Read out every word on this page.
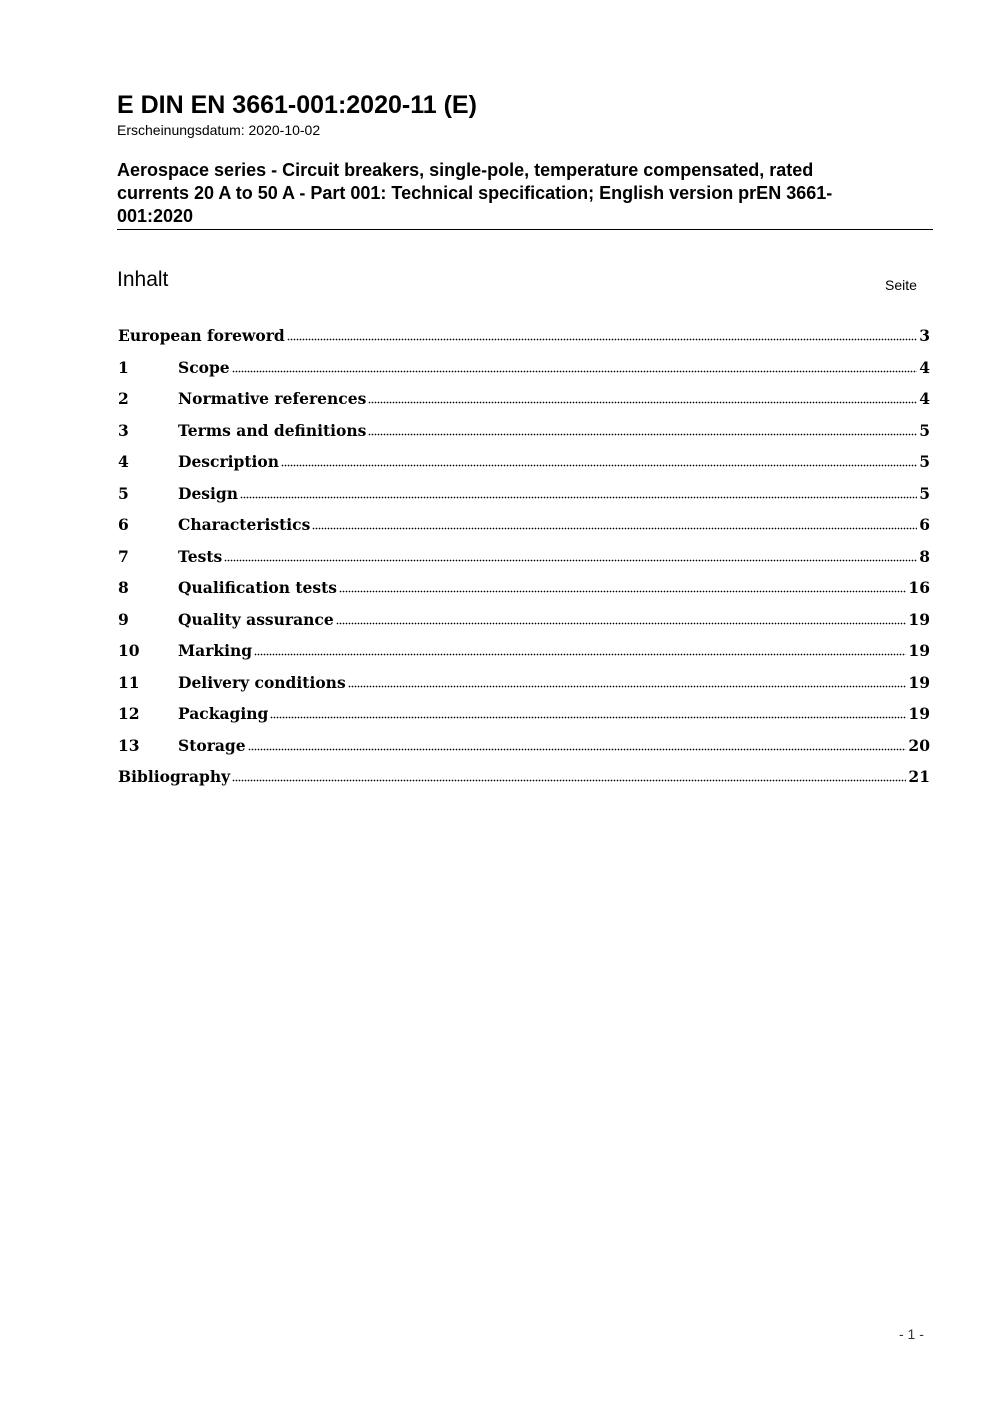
E DIN EN 3661-001:2020-11 (E)
Erscheinungsdatum: 2020-10-02
Aerospace series - Circuit breakers, single-pole, temperature compensated, rated
currents 20 A to 50 A - Part 001: Technical specification; English version prEN 3661-
001:2020
Inhalt	Seite
European foreword	3
1	Scope	4
2	Normative references	4
3	Terms and definitions	5
4	Description	5
5	Design	5
6	Characteristics	6
7	Tests	8
8	Qualification tests	16
9	Quality assurance	19
10	Marking	19
11	Delivery conditions	19
12	Packaging	19
13	Storage	20
Bibliography	21
- 1 -
